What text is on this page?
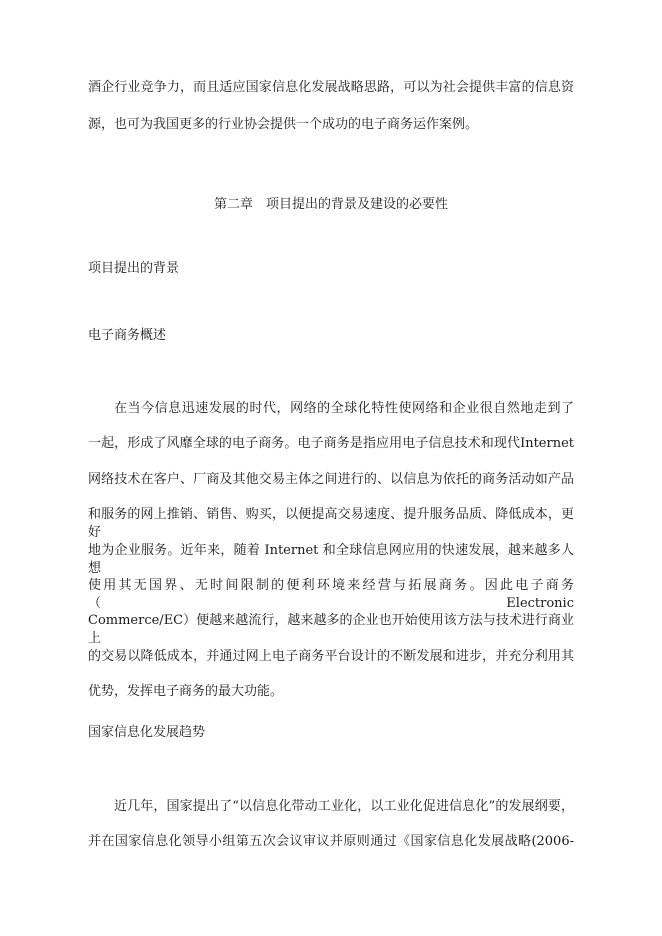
酒企行业竞争力，而且适应国家信息化发展战略思路，可以为社会提供丰富的信息资
源，也可为我国更多的行业协会提供一个成功的电子商务运作案例。
第二章　项目提出的背景及建设的必要性
项目提出的背景
电子商务概述
在当今信息迅速发展的时代，网络的全球化特性使网络和企业很自然地走到了
一起，形成了风靡全球的电子商务。电子商务是指应用电子信息技术和现代Internet
网络技术在客户、厂商及其他交易主体之间进行的、以信息为依托的商务活动如产品
和服务的网上推销、销售、购买，以便提高交易速度、提升服务品质、降低成本，更好
地为企业服务。近年来，随着 Internet 和全球信息网应用的快速发展，越来越多人想
使用其无国界、无时间限制的便利环境来经营与拓展商务。因此电子商务（Electronic
Commerce/EC）便越来越流行，越来越多的企业也开始使用该方法与技术进行商业上
的交易以降低成本，并通过网上电子商务平台设计的不断发展和进步，并充分利用其
优势，发挥电子商务的最大功能。
国家信息化发展趋势
近几年，国家提出了“以信息化带动工业化，以工业化促进信息化”的发展纲要，
并在国家信息化领导小组第五次会议审议并原则通过《国家信息化发展战略(2006-
